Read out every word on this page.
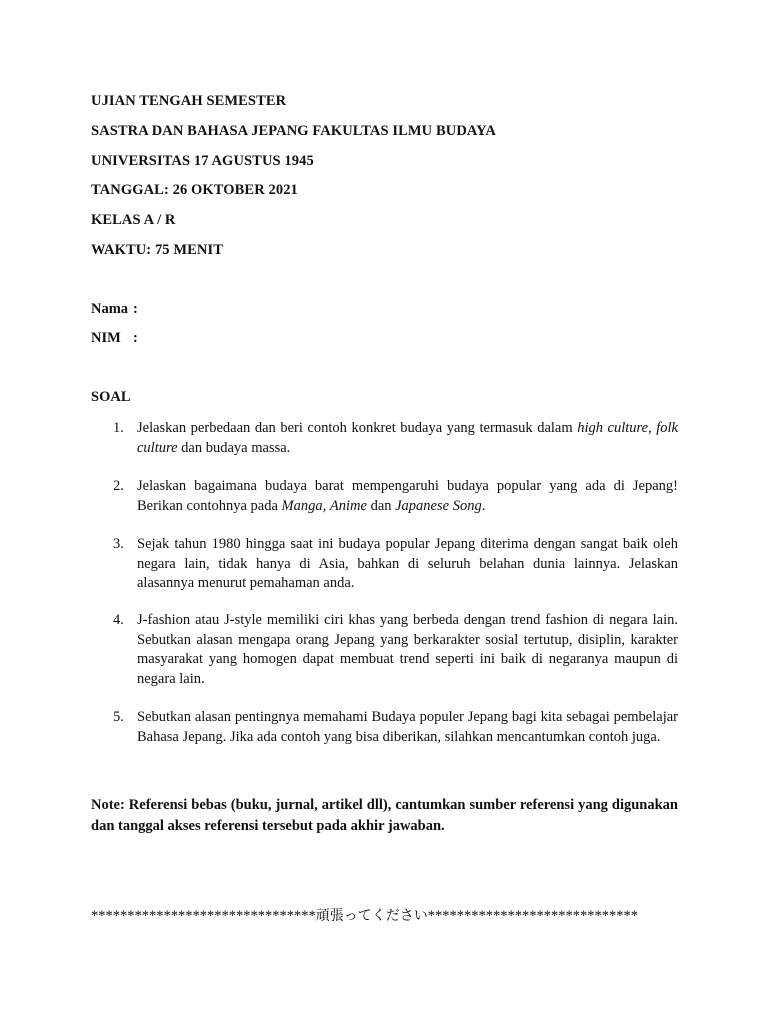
UJIAN TENGAH SEMESTER
SASTRA DAN BAHASA JEPANG FAKULTAS ILMU BUDAYA
UNIVERSITAS 17 AGUSTUS 1945
TANGGAL: 26 OKTOBER 2021
KELAS A / R
WAKTU: 75 MENIT
Nama :
NIM :
SOAL
1. Jelaskan perbedaan dan beri contoh konkret budaya yang termasuk dalam high culture, folk culture dan budaya massa.
2. Jelaskan bagaimana budaya barat mempengaruhi budaya popular yang ada di Jepang! Berikan contohnya pada Manga, Anime dan Japanese Song.
3. Sejak tahun 1980 hingga saat ini budaya popular Jepang diterima dengan sangat baik oleh negara lain, tidak hanya di Asia, bahkan di seluruh belahan dunia lainnya. Jelaskan alasannya menurut pemahaman anda.
4. J-fashion atau J-style memiliki ciri khas yang berbeda dengan trend fashion di negara lain. Sebutkan alasan mengapa orang Jepang yang berkarakter sosial tertutup, disiplin, karakter masyarakat yang homogen dapat membuat trend seperti ini baik di negaranya maupun di negara lain.
5. Sebutkan alasan pentingnya memahami Budaya populer Jepang bagi kita sebagai pembelajar Bahasa Jepang. Jika ada contoh yang bisa diberikan, silahkan mencantumkan contoh juga.
Note: Referensi bebas (buku, jurnal, artikel dll), cantumkan sumber referensi yang digunakan dan tanggal akses referensi tersebut pada akhir jawaban.
*******************************頑張ってください*****************************
